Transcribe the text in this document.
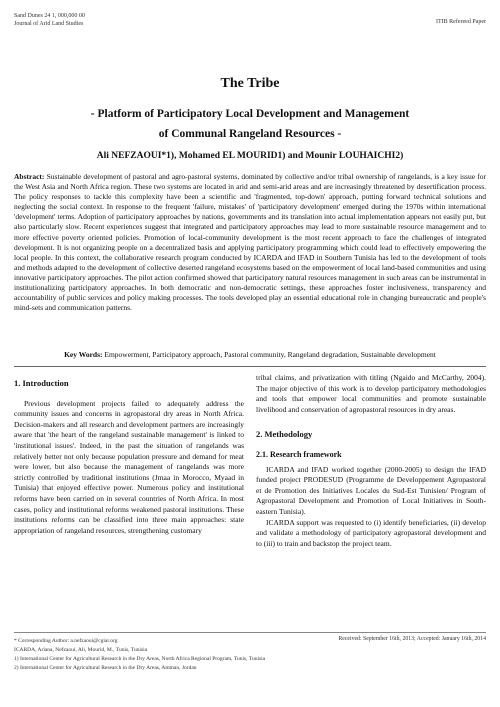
Sand Dunes 24 1, 000,000 00
Journal of Arid Land Studies	ITIB Refereed Paper
The Tribe
- Platform of Participatory Local Development and Management
of Communal Rangeland Resources -
Ali NEFZAOUI*1), Mohamed EL MOURID1) and Mounir LOUHAICHI2)
Abstract: Sustainable development of pastoral and agro-pastoral systems, dominated by collective and/or tribal ownership of rangelands, is a key issue for the West Asia and North Africa region. These two systems are located in arid and semi-arid areas and are increasingly threatened by desertification process. The policy responses to tackle this complexity have been a scientific and 'fragmented, top-down' approach, putting forward technical solutions and neglecting the social context. In response to the frequent 'failure, mistakes' of 'participatory development' emerged during the 1970s within international 'development' terms. Adoption of participatory approaches by nations, governments and its translation into actual implementation appears not easily put, but also particularly slow. Recent experiences suggest that integrated and participatory approaches may lead to more sustainable resource management and to more effective poverty oriented policies. Promotion of local-community development is the most recent approach to face the challenges of integrated development. It is not organizing people on a decentralized basis and applying participatory programming which could lead to effectively empowering the local people. In this context, the collaborative research program conducted by ICARDA and IFAD in Southern Tunisia has led to the development of tools and methods adapted to the development of collective deserted rangeland ecosystems based on the empowerment of local land-based communities and using innovative participatory approaches. The pilot action confirmed showed that participatory natural resources management in such areas can be instrumental in institutionalizing participatory approaches. In both democratic and non-democratic settings, these approaches foster inclusiveness, transparency and accountability of public services and policy making processes. The tools developed play an essential educational role in changing bureaucratic and people's mind-sets and communication patterns.
Key Words: Empowerment, Participatory approach, Pastoral community, Rangeland degradation, Sustainable development
1. Introduction

Previous development projects failed to adequately address the community issues and concerns in agropastoral dry areas in North Africa. Decision-makers and all research and development partners are increasingly aware that 'the heart of the rangeland sustainable management' is linked to 'institutional issues'. Indeed, in the past the situation of rangelands was relatively better not only because population pressure and demand for meat were lower, but also because the management of rangelands was more strictly controlled by traditional institutions (Jmaa in Morocco, Myaad in Tunisia) that enjoyed effective power. Numerous policy and institutional reforms have been carried on in several countries of North Africa. In most cases, policy and institutional reforms weakened pastoral institutions. These institutions reforms can be classified into three main approaches: state appropriation of rangeland resources, strengthening customary

tribal claims, and privatization with titling (Ngaido and McCarthy, 2004). The major objective of this work is to develop participatory methodologies and tools that empower local communities and promote sustainable livelihood and conservation of agropastoral resources in dry areas.

2. Methodology
2.1. Research framework

ICARDA and IFAD worked together (2000-2005) to design the IFAD funded project PRODESUD (Programme de Developpement Agropastoral et de Promotion des Initiatives Locales du Sud-Est Tunisien/ Program of Agropastoral Development and Promotion of Local Initiatives in South-eastern Tunisia).

ICARDA support was requested to (i) identify beneficiaries, (ii) develop and validate a methodology of participatory agropastoral development and to (iii) to train and backstop the project team.

* Corresponding Author: a.nefzaoui@cgiar.org
ICARDA, Ariana, Nefzaoui, Ali, Mourid, M., Tunis, Tunisia
1) International Center for Agricultural Research in the Dry Areas, North Africa Regional Program, Tunis, Tunisia
2) International Center for Agricultural Research in the Dry Areas, Amman, Jordan
Received: September 16th, 2013; Accepted: January 16th, 2014
